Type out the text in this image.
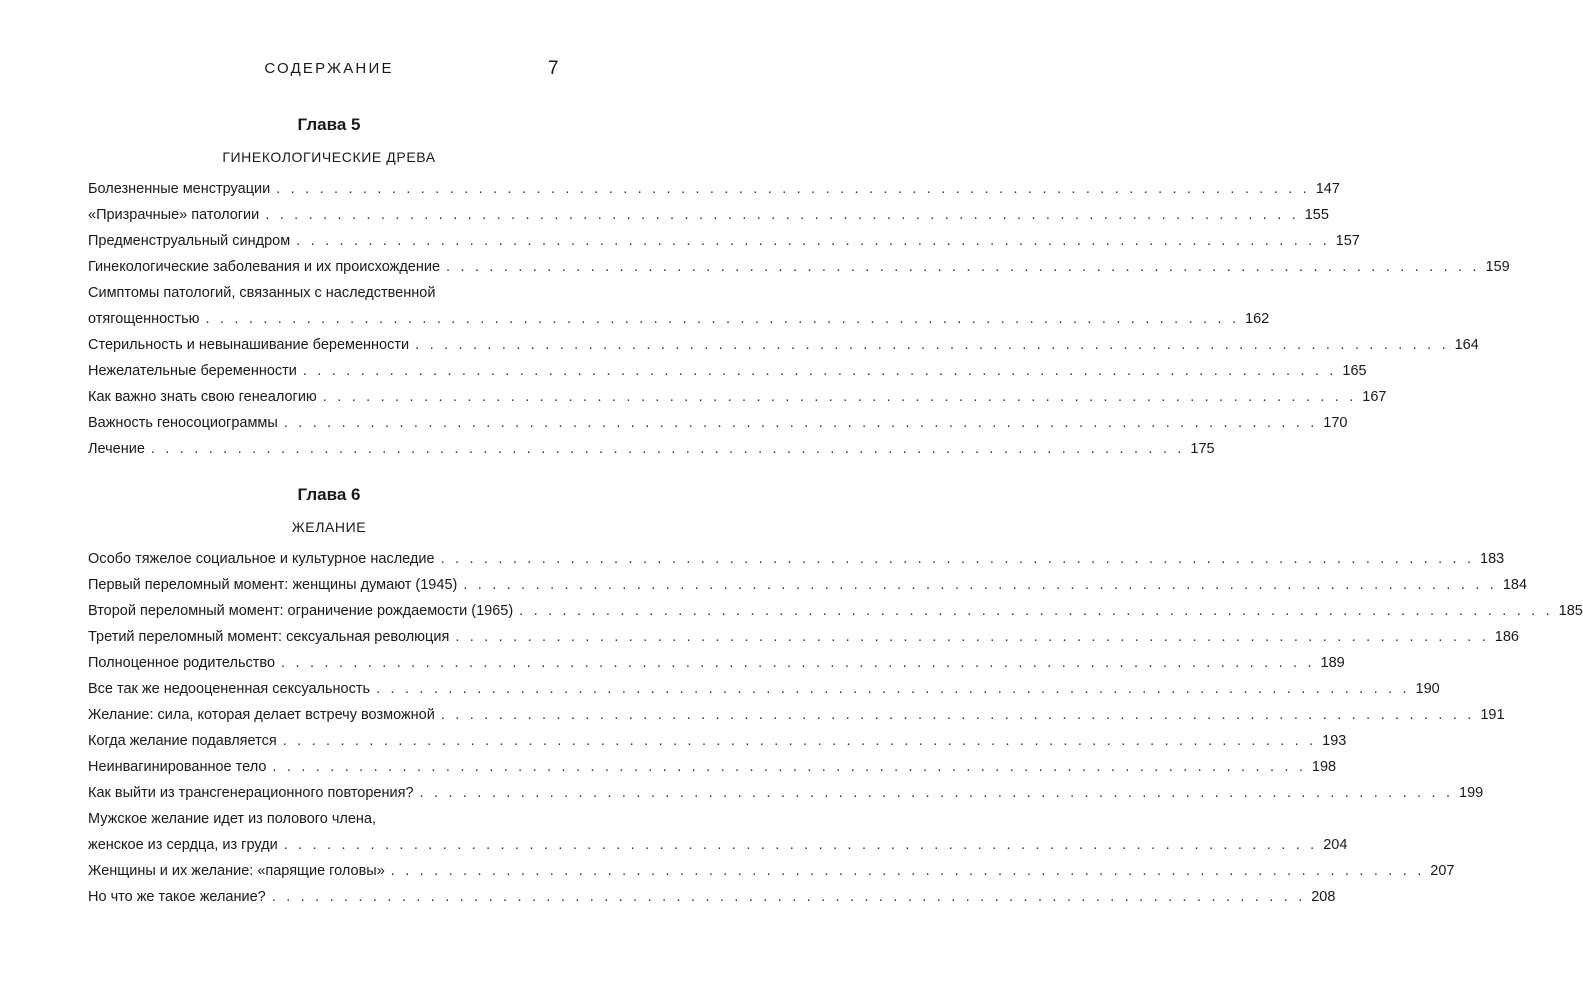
СОДЕРЖАНИЕ	7
Глава 5
ГИНЕКОЛОГИЧЕСКИЕ ДРЕВА
Болезненные менструации . . .	147
«Призрачные» патологии . . .	155
Предменструальный синдром . . .	157
Гинекологические заболевания и их происхождение . . .	159
Симптомы патологий, связанных с наследственной
отягощенностью . . .	162
Стерильность и невынашивание беременности . . .	164
Нежелательные беременности . . .	165
Как важно знать свою генеалогию . . .	167
Важность геносоциограммы . . .	170
Лечение . . .	175
Глава 6
ЖЕЛАНИЕ
Особо тяжелое социальное и культурное наследие . . .	183
Первый переломный момент: женщины думают (1945) . . .	184
Второй переломный момент: ограничение рождаемости (1965) . . .	185
Третий переломный момент: сексуальная революция . . .	186
Полноценное родительство . . .	189
Все так же недооцененная сексуальность . . .	190
Желание: сила, которая делает встречу возможной . . .	191
Когда желание подавляется . . .	193
Неинвагинированное тело . . .	198
Как выйти из трансгенерационного повторения? . . .	199
Мужское желание идет из полового члена,
женское из сердца, из груди . . .	204
Женщины и их желание: «парящие головы» . . .	207
Но что же такое желание? . . .	208
